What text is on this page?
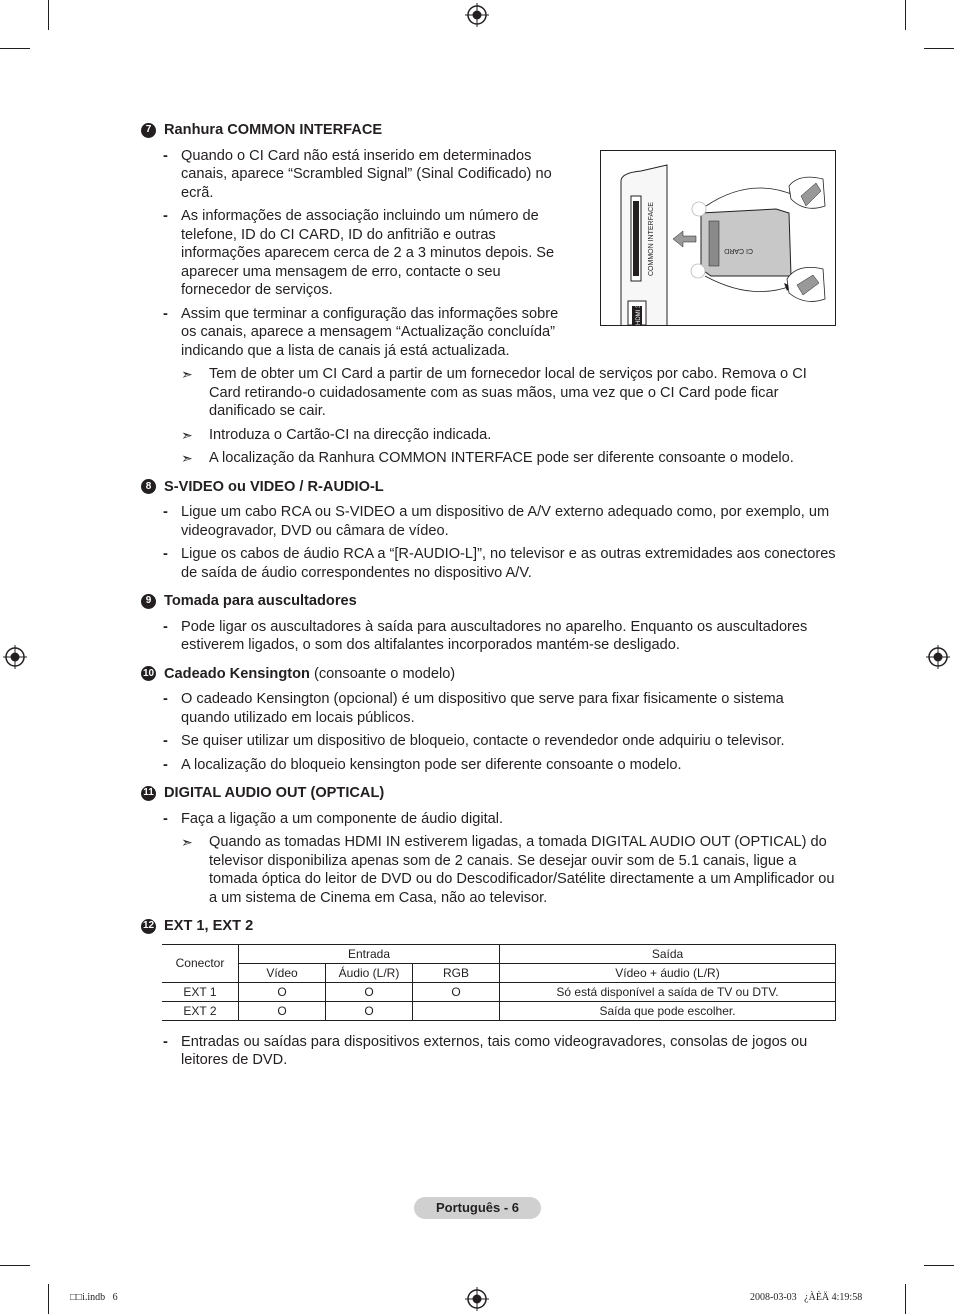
COMMON INTERFACE
HDMI 3
CI CARD
7 Ranhura COMMON INTERFACE
- Quando o CI Card não está inserido em determinados canais, aparece “Scrambled Signal” (Sinal Codificado) no ecrã.
- As informações de associação incluindo um número de telefone, ID do CI CARD, ID do anfitrião e outras informações aparecem cerca de 2 a 3 minutos depois. Se aparecer uma mensagem de erro, contacte o seu fornecedor de serviços.
- Assim que terminar a configuração das informações sobre os canais, aparece a mensagem “Actualização concluída” indicando que a lista de canais já está actualizada.
➣	Tem de obter um CI Card a partir de um fornecedor local de serviços por cabo. Remova o CI Card retirando-o cuidadosamente com as suas mãos, uma vez que o CI Card pode ficar danificado se cair.
➣	Introduza o Cartão-CI na direcção indicada.
➣	A localização da Ranhura COMMON INTERFACE pode ser diferente consoante o modelo.
8 S-VIDEO ou VIDEO / R-AUDIO-L
- Ligue um cabo RCA ou S-VIDEO a um dispositivo de A/V externo adequado como, por exemplo, um videogravador, DVD ou câmara de vídeo.
- Ligue os cabos de áudio RCA a “[R-AUDIO-L]”, no televisor e as outras extremidades aos conectores de saída de áudio correspondentes no dispositivo A/V.
9 Tomada para auscultadores
- Pode ligar os auscultadores à saída para auscultadores no aparelho. Enquanto os auscultadores estiverem ligados, o som dos altifalantes incorporados mantém-se desligado.
10 Cadeado Kensington (consoante o modelo)
- O cadeado Kensington (opcional) é um dispositivo que serve para fixar fisicamente o sistema quando utilizado em locais públicos.
- Se quiser utilizar um dispositivo de bloqueio, contacte o revendedor onde adquiriu o televisor.
- A localização do bloqueio kensington pode ser diferente consoante o modelo.
11 DIGITAL AUDIO OUT (OPTICAL)
- Faça a ligação a um componente de áudio digital.
➣	Quando as tomadas HDMI IN estiverem ligadas, a tomada DIGITAL AUDIO OUT (OPTICAL) do televisor disponibiliza apenas som de 2 canais. Se desejar ouvir som de 5.1 canais, ligue a tomada óptica do leitor de DVD ou do Descodificador/Satélite directamente a um Amplificador ou a um sistema de Cinema em Casa, não ao televisor.
12 EXT 1, EXT 2
Conector	Entrada			Saída
	Vídeo	Áudio (L/R)	RGB	Vídeo + áudio (L/R)
EXT 1	O	O	O	Só está disponível a saída de TV ou DTV.
EXT 2	O	O		Saída que pode escolher.
- Entradas ou saídas para dispositivos externos, tais como videogravadores, consolas de jogos ou leitores de DVD.
Português - 6
□□i.indb   6	2008-03-03   ¿ÀÈÄ 4:19:58
